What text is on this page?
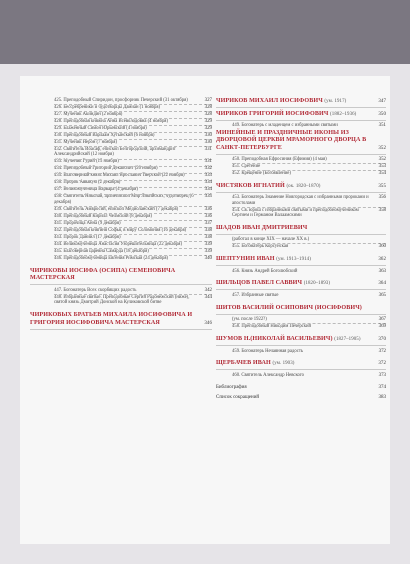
425. Преподобный Спиридон, просфорник Печерский (31 октября)	327
426. Бессребреники и чудотворцы Дамиан (1 ноября)	328
427. Мученик Акиндин (2 ноября)	328
428. Преподобная княжна Анна Всеволодовна (4 ноября)	329
429. Блаженный Симон Юрьевский (4 ноября)	329
430. Преподобный Варлаам Хутынский (6 ноября)	330
431. Мученик Нерон (7 ноября)	330
432. Святитель Иоасаф, епископ Белгородский, архимандрит Александрийский (12 ноября)
331
433. Мученик Гурий (15 ноября)	331
434. Преподобный Григорий Декаполит (20 ноября)	332
435. Благоверный князь Михаил Ярославич Тверской (22 ноября)	333
436. Пророк Аввакум (2 декабря)	334
437. Великомученица Варвара (4 декабря)	334
438. Святитель Николай, архиепископ Мир Ликийских, чудотворец (6 декабря)
335
439. Святитель Амвросий, епископ Медиоланский (7 декабря)	336
440. Преподобный Кирилл Челмский (8 декабря)	336
441. Пророчица Анна (9 декабря)	337
442. Преподобная княгиня Софья, в миру Соломония (16 декабря)	338
443. Пророк Даниил (17 декабря)	338
444. Великомученица Анастасия Узорешительница (22 декабря)	339
445. Благоверная царевна Самарда (18 декабря)	339
446. Преподобномученица Евгения Римская (24 декабря)	340
ЧИРИКОВЫ ИОСИФА (ОСИПА) СЕМЕНОВИЧА МАСТЕРСКАЯ
447. Богоматерь Всех скорбящих радость	342
448. Избранные святые. Преподобные Сергий Радонежский (ниже), святой князь Дмитрий Донской на Куликовской битве
344
ЧИРИКОВЫХ БРАТЬЕВ МИХАИЛА ИОСИФОВИЧА И ГРИГОРИЯ ИОСИФОВИЧА МАСТЕРСКАЯ	346
ЧИРИКОВ МИХАИЛ ИОСИФОВИЧ (ум. 1917)	347
ЧИРИКОВ ГРИГОРИЙ ИОСИФОВИЧ (1882–1936)	350
449. Богоматерь с младенцем с избранными святыми	351
МИНЕЙНЫЕ И ПРАЗДНИЧНЫЕ ИКОНЫ ИЗ ДВОРЦОВОЙ ЦЕРКВИ МРАМОРНОГО ДВОРЦА В САНКТ-ПЕТЕРБУРГЕ	352
450. Преподобная Ефросиния (Ефимия) (4 мая)	352
451. Сретение	353
452. Крещение (Богоявление)	354
ЧИСТЯКОВ ИГНАТИЙ (ок. 1820–1870)	355
453. Богоматерь Знамение Новгородская с избранными пророками и апостолами
356
454. Св. юрош с избранными святыми и преподобномучеником Сергием и Германом Валаамскими
358
ШАДОВ ИВАН ДМИТРИЕВИЧ
(работал в конце XIX — начале XX в.)
455. Богоматерь Корсунская	360
ШЕПТУНИН ИВАН (ум. 1913–1914)	362
456. Князь Андрей Боголюбский	363
ШИЛЬЦОВ ПАВЕЛ САВВИЧ (1820–1893)	364
457. Избранные святые	365
ШИТОВ ВАСИЛИЙ ОСИПОВИЧ (ИОСИФОВИЧ)
(ум. после 1922?)	367
458. Преподобный Никодим Печерский	369
ШУМОВ Н.(НИКОЛАЙ ВАСИЛЬЕВИЧ) (1827–1905)	370
459. Богоматерь Нечаянная радость	372
ЩЕРБАЧЕВ ИВАН (ум. 1903)	372
460. Святитель Александр Невского	373
Библиография	374
Список сокращений	383
